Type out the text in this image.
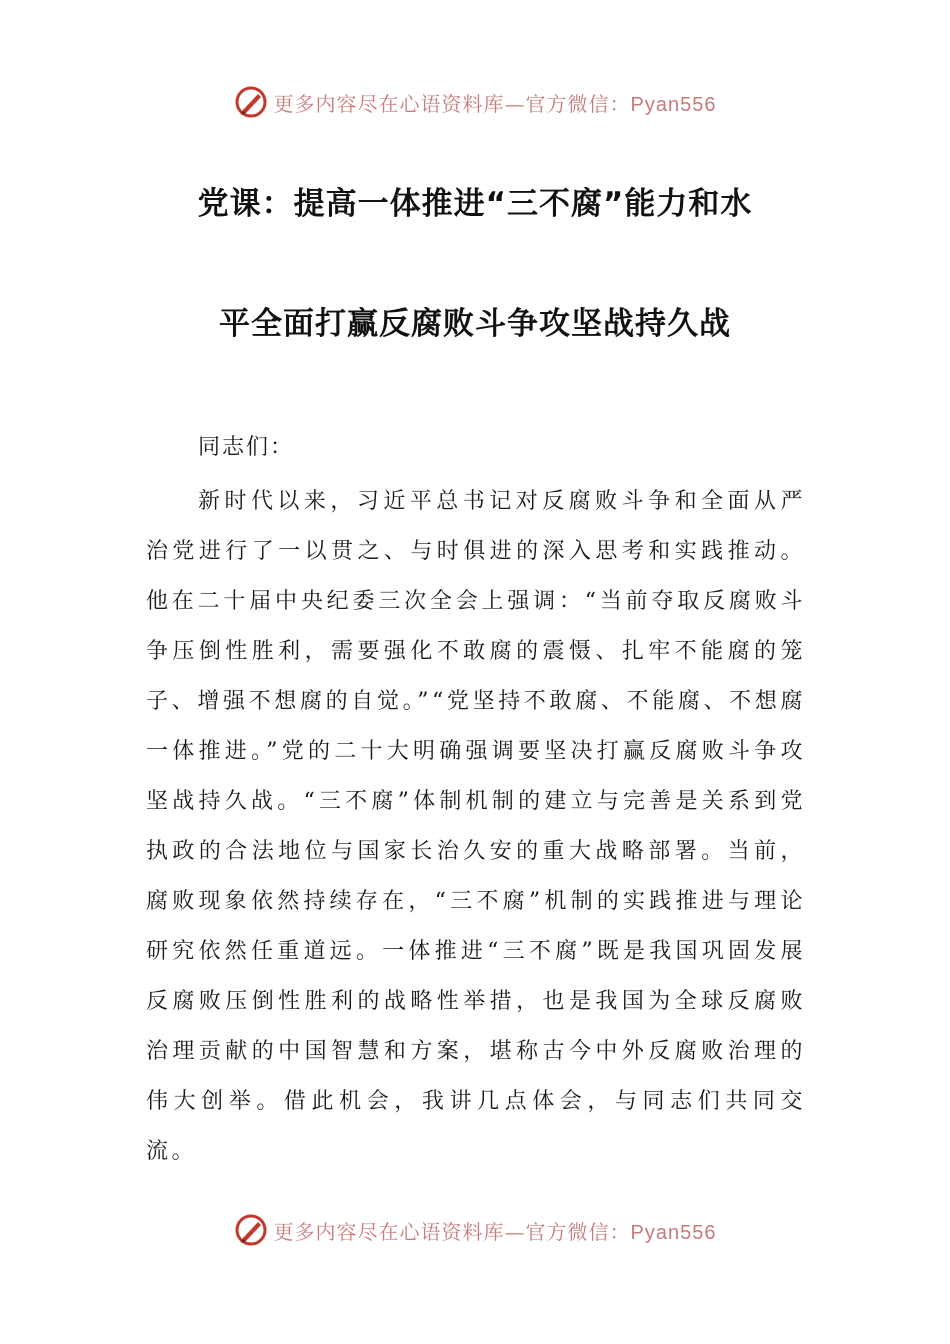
更多内容尽在心语资料库—官方微信：Pyan556
党课：提高一体推进“三不腐”能力和水
平全面打赢反腐败斗争攻坚战持久战
同志们：
新时代以来，习近平总书记对反腐败斗争和全面从严治党进行了一以贯之、与时俱进的深入思考和实践推动。他在二十届中央纪委三次全会上强调：“当前夺取反腐败斗争压倒性胜利，需要强化不敢腐的震慑、扎牢不能腐的笼子、增强不想腐的自觉。”“党坚持不敢腐、不能腐、不想腐一体推进。”党的二十大明确强调要坚决打赢反腐败斗争攻坚战持久战。“三不腐”体制机制的建立与完善是关系到党执政的合法地位与国家长治久安的重大战略部署。当前，腐败现象依然持续存在，“三不腐”机制的实践推进与理论研究依然任重道远。一体推进“三不腐”既是我国巩固发展反腐败压倒性胜利的战略性举措，也是我国为全球反腐败治理贡献的中国智慧和方案，堪称古今中外反腐败治理的伟大创举。借此机会，我讲几点体会，与同志们共同交流。
更多内容尽在心语资料库—官方微信：Pyan556
